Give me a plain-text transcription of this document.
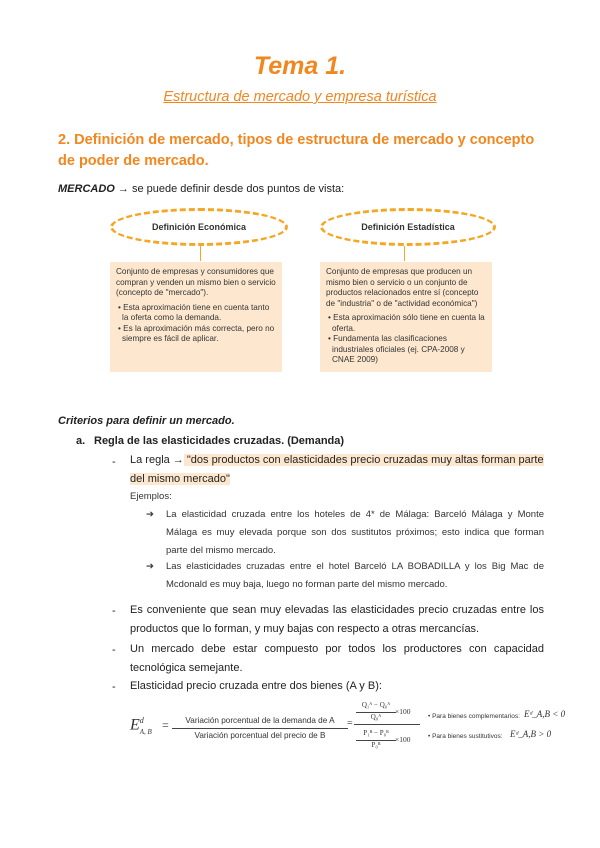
Tema 1.
Estructura de mercado y empresa turística
2. Definición de mercado, tipos de estructura de mercado y concepto de poder de mercado.
MERCADO → se puede definir desde dos puntos de vista:
Definición Económica
Conjunto de empresas y consumidores que compran y venden un mismo bien o servicio (concepto de "mercado").
• Esta aproximación tiene en cuenta tanto la oferta como la demanda.
• Es la aproximación más correcta, pero no siempre es fácil de aplicar.
Definición Estadística
Conjunto de empresas que producen un mismo bien o servicio o un conjunto de productos relacionados entre sí (concepto de "industria" o de "actividad económica")
• Esta aproximación sólo tiene en cuenta la oferta.
• Fundamenta las clasificaciones industriales oficiales (ej. CPA-2008 y CNAE 2009)
Criterios para definir un mercado.
a. Regla de las elasticidades cruzadas. (Demanda)
- La regla → "dos productos con elasticidades precio cruzadas muy altas forman parte del mismo mercado"
Ejemplos:
➔ La elasticidad cruzada entre los hoteles de 4* de Málaga: Barceló Málaga y Monte Málaga es muy elevada porque son dos sustitutos próximos; esto indica que forman parte del mismo mercado.
➔ Las elasticidades cruzadas entre el hotel Barceló LA BOBADILLA y los Big Mac de Mcdonald es muy baja, luego no forman parte del mismo mercado.
- Es conveniente que sean muy elevadas las elasticidades precio cruzadas entre los productos que lo forman, y muy bajas con respecto a otras mercancías.
- Un mercado debe estar compuesto por todos los productores con capacidad tecnológica semejante.
- Elasticidad precio cruzada entre dos bienes (A y B):
$E^d_{A, B}$ =	Variación porcentual de la demanda de A
Variación porcentual del precio de B
=
Q₁ᴬ − Q₀ᴬ
Q₀ᴬ
×100
P₁ᴮ − P₀ᴮ
P₀ᴮ
×100
• Para bienes complementarios: Eᵈ_A,B < 0
• Para bienes sustitutivos: Eᵈ_A,B > 0
